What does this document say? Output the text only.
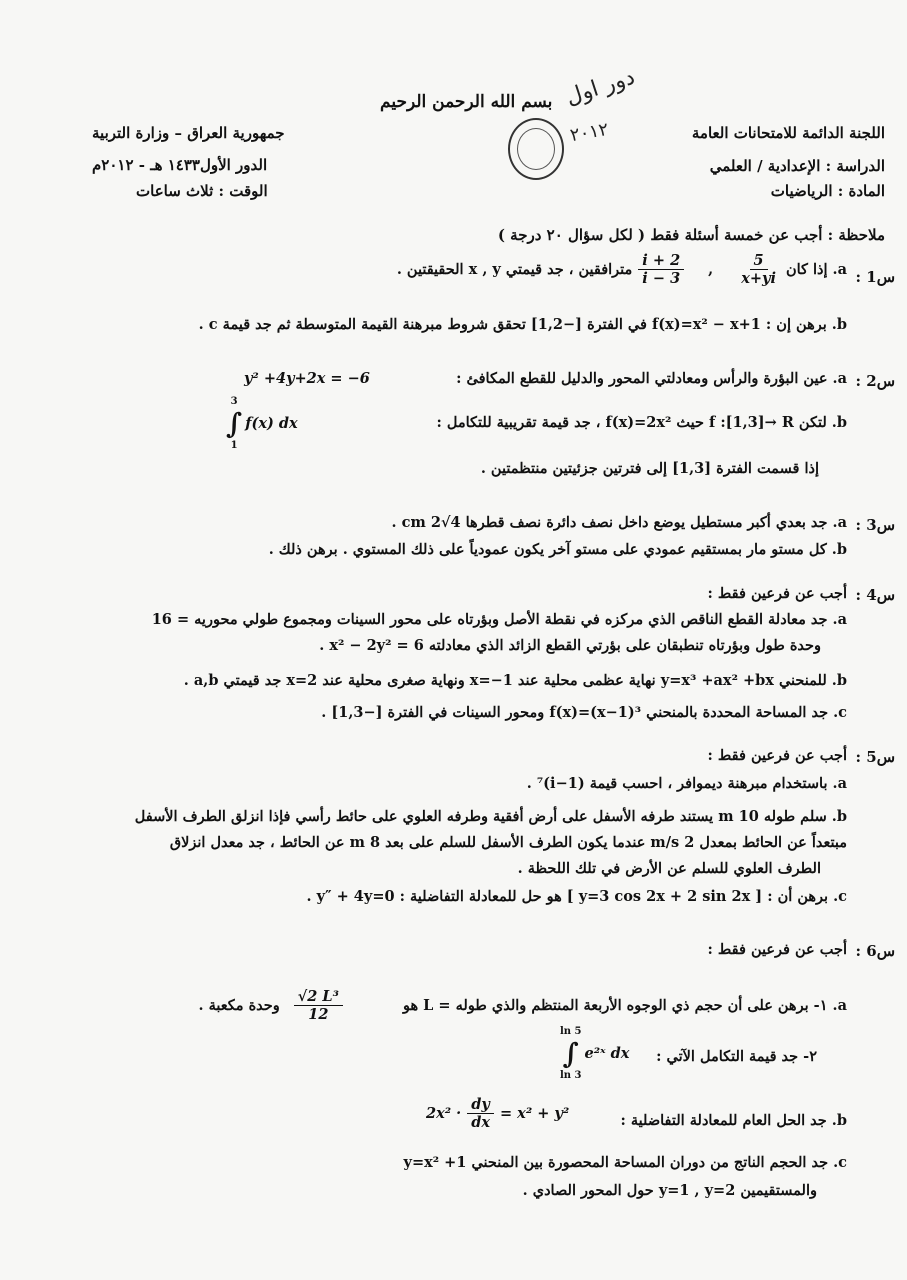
بسم الله الرحمن الرحيم دور اول
٢٠١٢	اللجنة الدائمة للامتحانات العامة
الدراسة : الإعدادية / العلمي
المادة : الرياضيات
جمهورية العراق – وزارة التربية
الدور الأول١٤٣٣ هـ - ٢٠١٢م
الوقت : ثلاث ساعات
ملاحظة : أجب عن خمسة أسئلة فقط ( لكل سؤال ٢٠ درجة )
س1 :
a. إذا كان
$\frac{5}{x+yi}$
,
$\frac{2 + i}{3 - i}$
مترافقين ، جد قيمتي x , y الحقيقتين .
b. برهن إن : f(x)=x² − x+1 في الفترة [−1,2] تحقق شروط مبرهنة القيمة المتوسطة ثم جد قيمة c .
س2 :
a. عين البؤرة والرأس ومعادلتي المحور والدليل للقطع المكافئ :
y² +4y+2x = −6
b. لتكن f :[1,3]→ R حيث f(x)=2x² ، جد قيمة تقريبية للتكامل :
3
∫
1
f(x) dx
إذا قسمت الفترة [1,3] إلى فترتين جزئيتين منتظمتين .
س3 :
a. جد بعدي أكبر مستطيل يوضع داخل نصف دائرة نصف قطرها 4√2 cm .
b. كل مستو مار بمستقيم عمودي على مستو آخر يكون عمودياً على ذلك المستوي . برهن ذلك .
س4 :
أجب عن فرعين فقط :
a. جد معادلة القطع الناقص الذي مركزه في نقطة الأصل وبؤرتاه على محور السينات ومجموع طولي محوريه = 16
وحدة طول وبؤرتاه تنطبقان على بؤرتي القطع الزائد الذي معادلته x² − 2y² = 6 .
b. للمنحني y=x³ +ax² +bx نهاية عظمى محلية عند x=−1 ونهاية صغرى محلية عند x=2 جد قيمتي a,b .
c. جد المساحة المحددة بالمنحني f(x)=(x−1)³ ومحور السينات في الفترة [−1,3] .
س5 :
أجب عن فرعين فقط :
a. باستخدام مبرهنة ديموافر ، احسب قيمة (1−i)⁷ .
b. سلم طوله 10 m يستند طرفه الأسفل على أرض أفقية وطرفه العلوي على حائط رأسي فإذا انزلق الطرف الأسفل
مبتعداً عن الحائط بمعدل 2 m/s عندما يكون الطرف الأسفل للسلم على بعد 8 m عن الحائط ، جد معدل انزلاق
الطرف العلوي للسلم عن الأرض في تلك اللحظة .
c. برهن أن : [ y=3 cos 2x + 2 sin 2x ] هو حل للمعادلة التفاضلية : y″ + 4y=0 .
س6 :
أجب عن فرعين فقط :
a. ١- برهن على أن حجم ذي الوجوه الأربعة المنتظم والذي طوله = L هو
$\frac{\text{√2 L³}}{12}$
وحدة مكعبة .
٢- جد قيمة التكامل الآتي :
ln 5
∫
ln 3
e²ˣ dx
b. جد الحل العام للمعادلة التفاضلية :
$2x^2 \cdot \frac{dy}{dx} = x^2 + y^2$
c. جد الحجم الناتج من دوران المساحة المحصورة بين المنحني y=x² +1
والمستقيمين y=1 , y=2 حول المحور الصادي .
